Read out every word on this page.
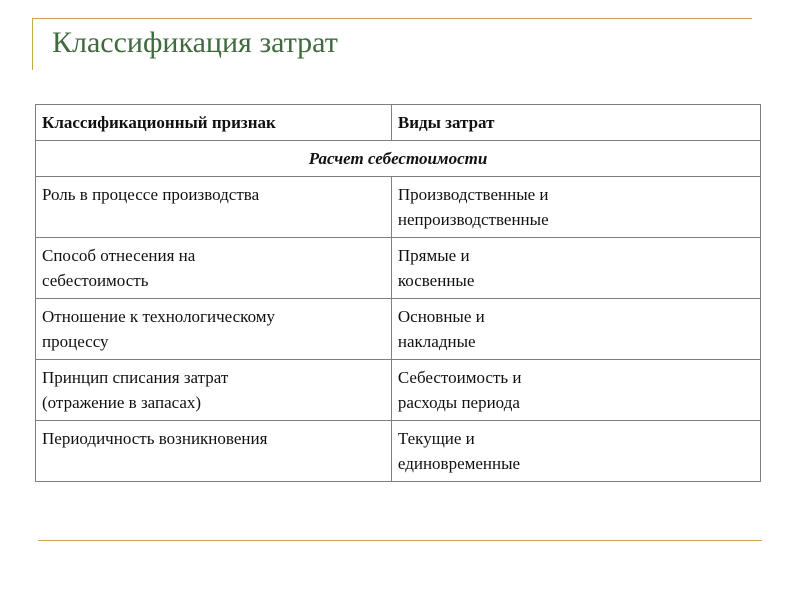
Классификация затрат
Классификационный признак	Виды затрат
Расчет себестоимости	

Роль в процессе производства	Производственные и
непроизводственные

Способ отнесения на
себестоимость	Прямые и
косвенные

Отношение к технологическому
процессу	Основные и
накладные

Принцип списания затрат
(отражение в запасах)	Себестоимость и
расходы периода

Периодичность возникновения	Текущие и
единовременные
